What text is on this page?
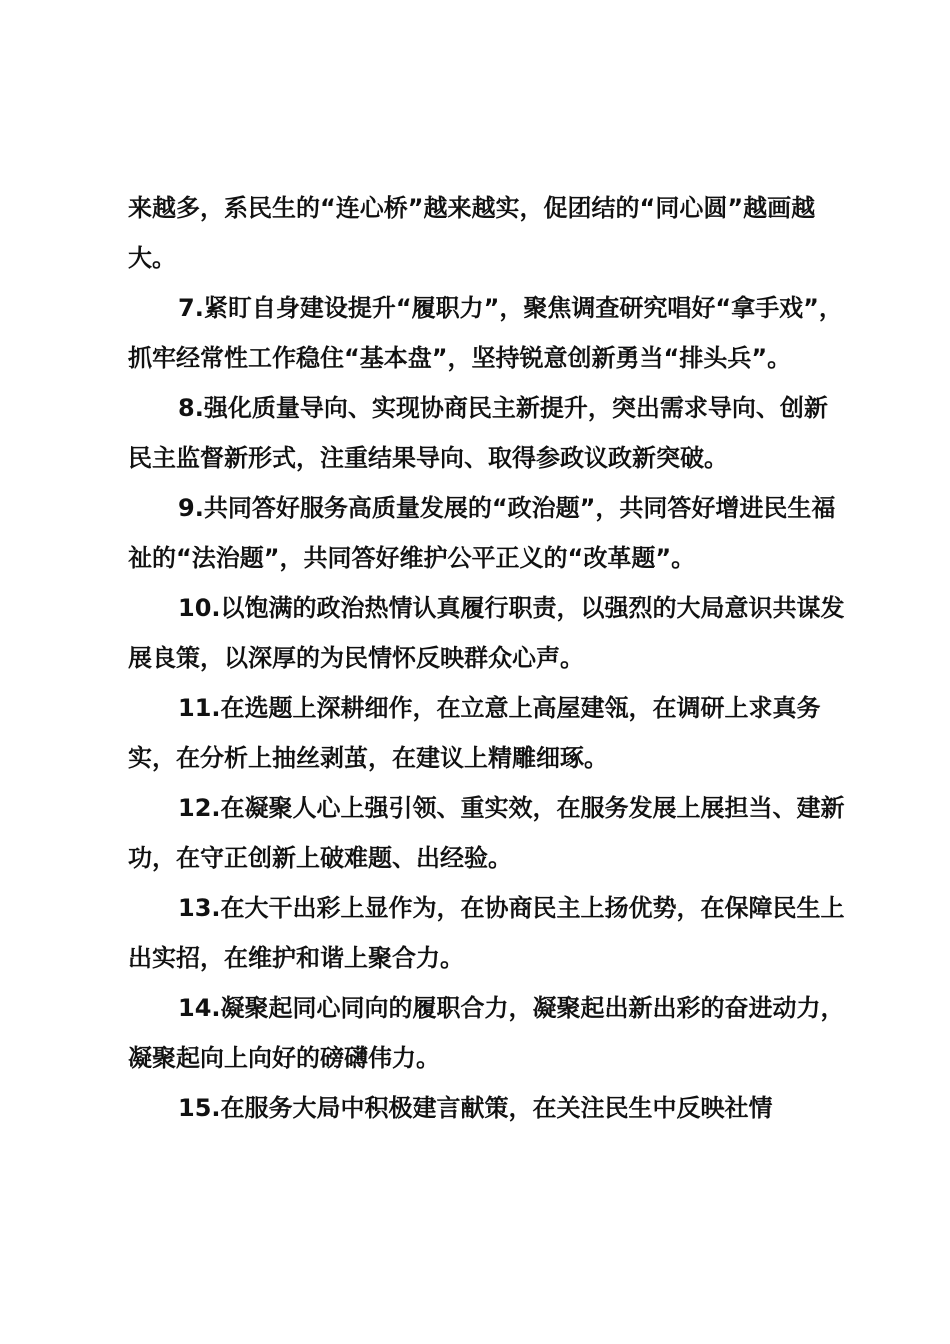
来越多，系民生的“连心桥”越来越实，促团结的“同心圆”越画越大。

7.紧盯自身建设提升“履职力”，聚焦调查研究唱好“拿手戏”，抓牢经常性工作稳住“基本盘”，坚持锐意创新勇当“排头兵”。

8.强化质量导向、实现协商民主新提升，突出需求导向、创新民主监督新形式，注重结果导向、取得参政议政新突破。

9.共同答好服务高质量发展的“政治题”，共同答好增进民生福祉的“法治题”，共同答好维护公平正义的“改革题”。

10.以饱满的政治热情认真履行职责，以强烈的大局意识共谋发展良策，以深厚的为民情怀反映群众心声。

11.在选题上深耕细作，在立意上高屋建瓴，在调研上求真务实，在分析上抽丝剥茧，在建议上精雕细琢。

12.在凝聚人心上强引领、重实效，在服务发展上展担当、建新功，在守正创新上破难题、出经验。

13.在大干出彩上显作为，在协商民主上扬优势，在保障民生上出实招，在维护和谐上聚合力。

14.凝聚起同心同向的履职合力，凝聚起出新出彩的奋进动力，凝聚起向上向好的磅礴伟力。

15.在服务大局中积极建言献策，在关注民生中反映社情
